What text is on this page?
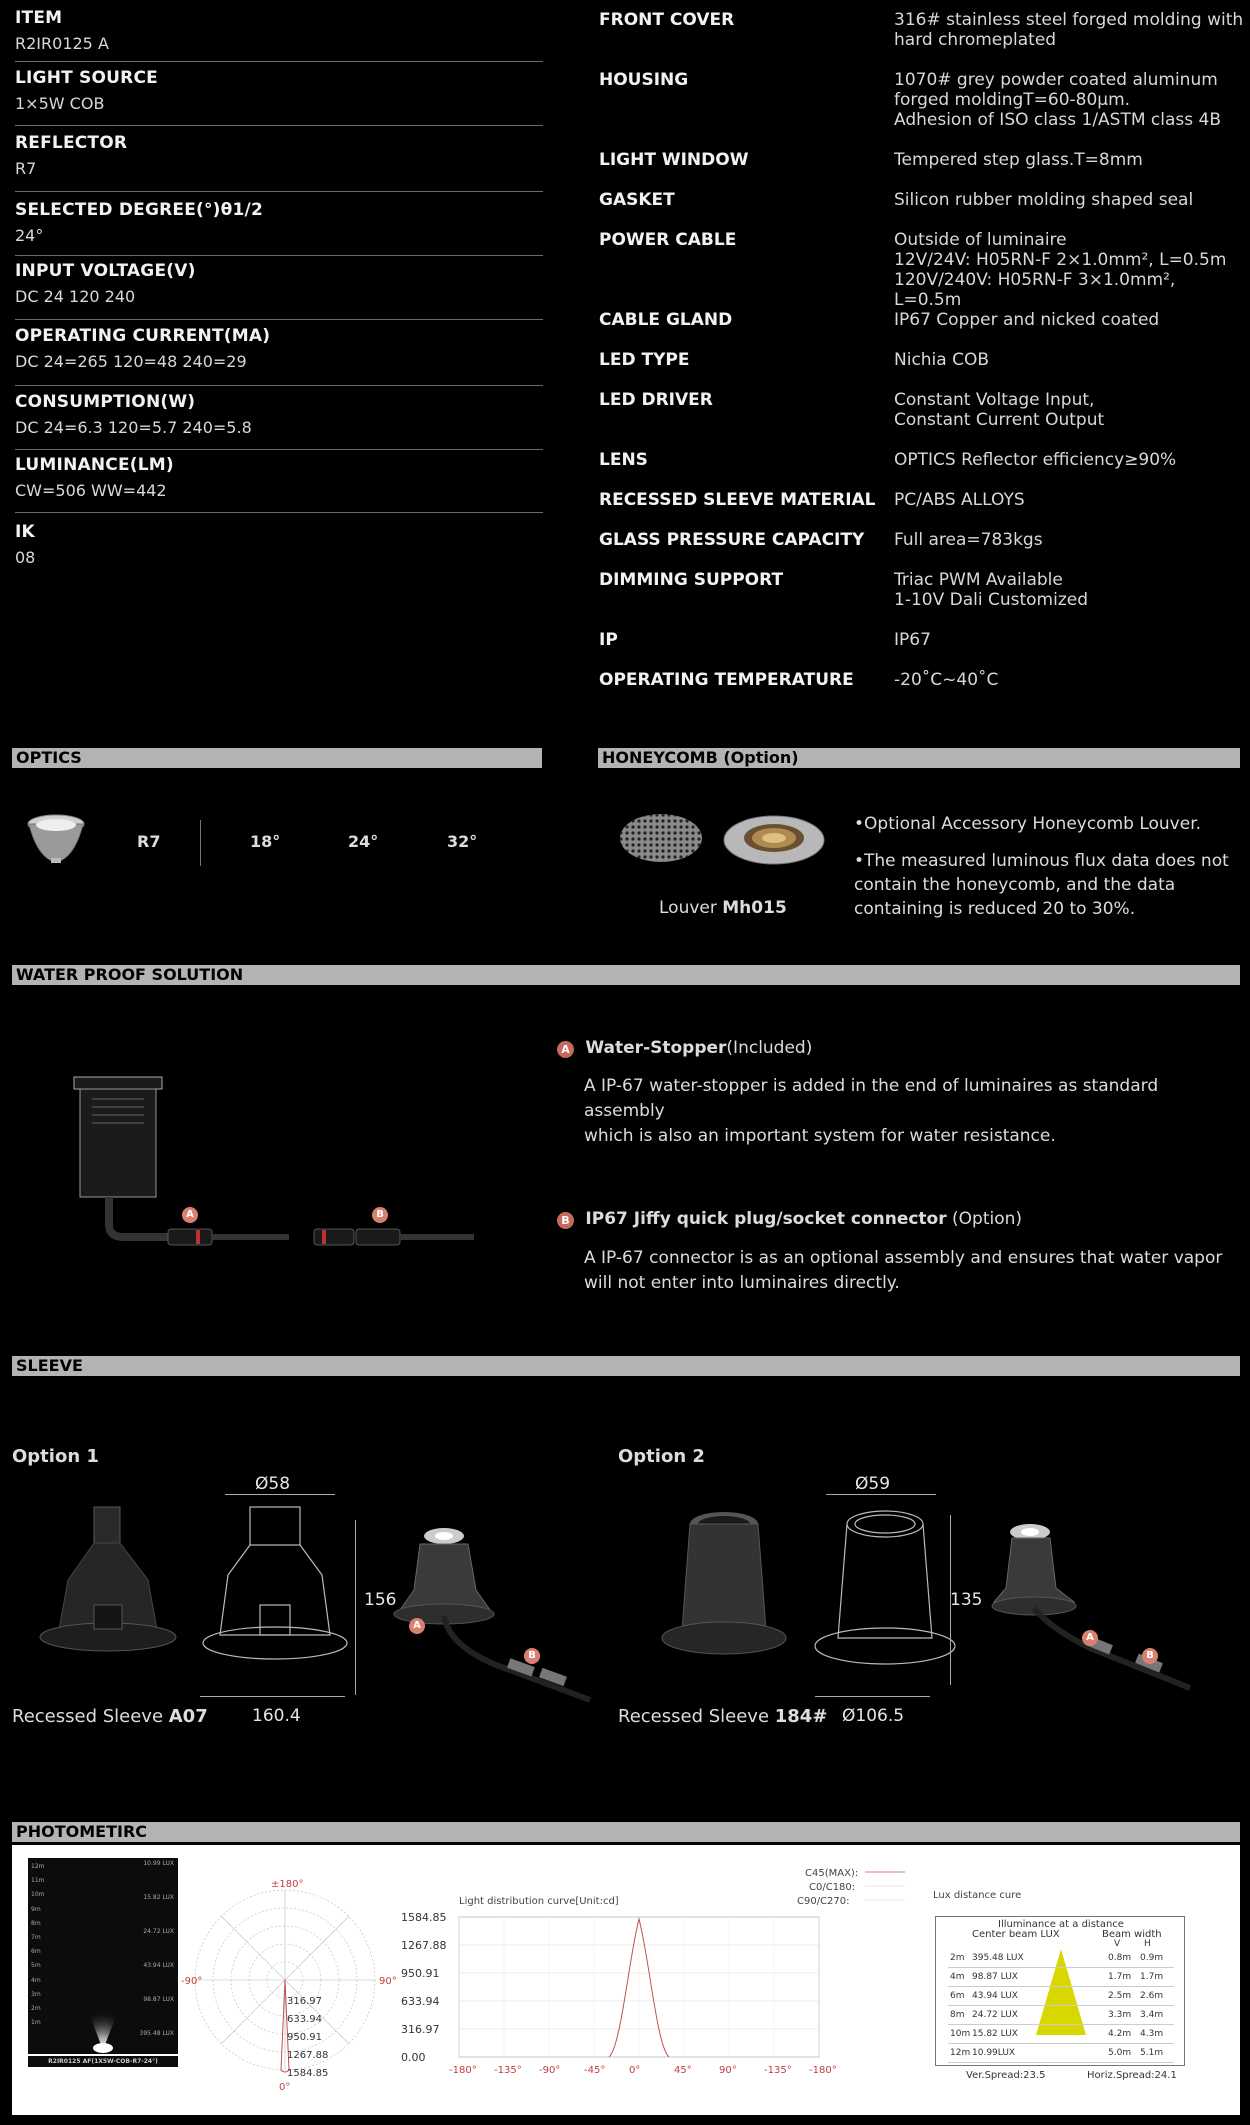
ITEM
R2IR0125 A
LIGHT SOURCE
1×5W COB
REFLECTOR
R7
SELECTED DEGREE(°)θ1/2
24°
INPUT VOLTAGE(V)
DC 24 120 240
OPERATING CURRENT(MA)
DC 24=265 120=48 240=29
CONSUMPTION(W)
DC 24=6.3 120=5.7 240=5.8
LUMINANCE(LM)
CW=506 WW=442
IK
08
FRONT COVER	316# stainless steel forged molding with
hard chromeplated
HOUSING	1070# grey powder coated aluminum
forged moldingT=60-80μm.
Adhesion of ISO class 1/ASTM class 4B
LIGHT WINDOW	Tempered step glass.T=8mm
GASKET	Silicon rubber molding shaped seal
POWER CABLE	Outside of luminaire
12V/24V: H05RN-F 2×1.0mm², L=0.5m
120V/240V: H05RN-F 3×1.0mm², L=0.5m
CABLE GLAND	IP67 Copper and nicked coated
LED TYPE	Nichia COB
LED DRIVER	Constant Voltage Input,
Constant Current Output
LENS	OPTICS Reflector efficiency≥90%
RECESSED SLEEVE MATERIAL PC/ABS ALLOYS
GLASS PRESSURE CAPACITY Full area=783kgs
DIMMING SUPPORT	Triac PWM Available
1-10V Dali Customized
IP	IP67
OPERATING TEMPERATURE -20˚C~40˚C
OPTICS
R7	18°	24°	32°
HONEYCOMB (Option)
Louver Mh015
•Optional Accessory Honeycomb Louver.
•The measured luminous flux data does not
contain the honeycomb, and the data
containing is reduced 20 to 30%.
WATER PROOF SOLUTION
A	B
A Water-Stopper(Included)
A IP-67 water-stopper is added in the end of luminaires as standard assembly
which is also an important system for water resistance.
B IP67 Jiffy quick plug/socket connector (Option)
A IP-67 connector is as an optional assembly and ensures that water vapor
will not enter into luminaires directly.
SLEEVE
Option 1
Ø58
156
A
B
Recessed Sleeve A07	160.4
Option 2
Ø59
135
A
B
Recessed Sleeve 184# Ø106.5
PHOTOMETIRC
12m
11m
10m
9m
8m
7m
6m
5m
4m
3m
2m
1m
10.99 LUX
15.82 LUX
24.72 LUX
43.94 LUX
98.87 LUX
395.48 LUX
R2IR0125 AF(1X5W-COB-R7-24°)
±180°
-90°	90°
0°
316.97
633.94
950.91
1267.88
1584.85
Light distribution curve[Unit:cd]
C45(MAX):
C0/C180:
C90/C270:
1584.85
1267.88
950.91
633.94
316.97
0.00
-180° -135° -90° -45° 0°	45°	90°	-135° -180°
Lux distance cure
Illuminance at a distance
Center beam LUX	Beam width
V	H
2m 395.48 LUX	0.8m 0.9m
4m 98.87 LUX	1.7m 1.7m
6m 43.94 LUX	2.5m 2.6m
8m 24.72 LUX	3.3m 3.4m
10m 15.82 LUX	4.2m 4.3m
12m 10.99LUX	5.0m 5.1m
Ver.Spread:23.5	Horiz.Spread:24.1
